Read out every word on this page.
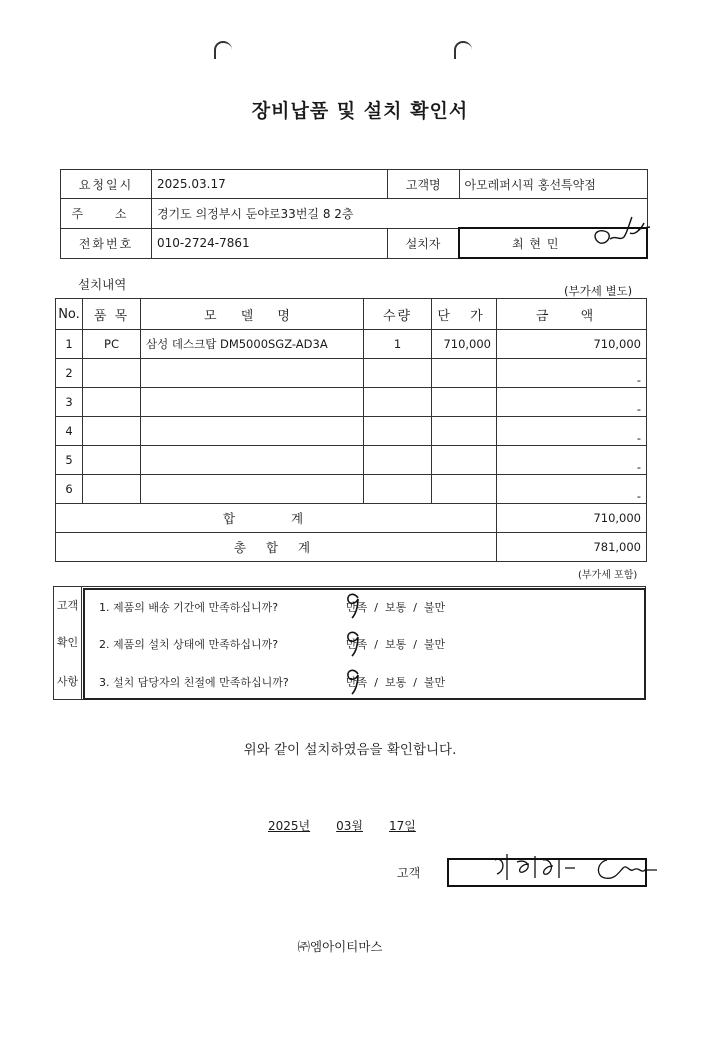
장비납품 및 설치 확인서
요청일시	2025.03.17	고객명	아모레퍼시픽 홍선특약점
주 소	경기도 의정부시 둔야로33번길 8 2층		
전화번호	010-2724-7861	설치자	최 현 민
설치내역	(부가세 별도)
No.	품 목	모 델 명	수량	단 가	금 액
1	PC	삼성 데스크탑 DM5000SGZ-AD3A	1	710,000	710,000
2					-
3					-
4					-
5					-
6					-
합 계					710,000
총 합 계					781,000
(부가세 포함)
고객
확인
사항
1. 제품의 배송 기간에 만족하십니까?	만족  /  보통  /  불만
2. 제품의 설치 상태에 만족하십니까?	만족  /  보통  /  불만
3. 설치 담당자의 친절에 만족하십니까?	만족  /  보통  /  불만
위와 같이 설치하였음을 확인합니다.
2025년 03월 17일
고객
㈜엠아이티마스
